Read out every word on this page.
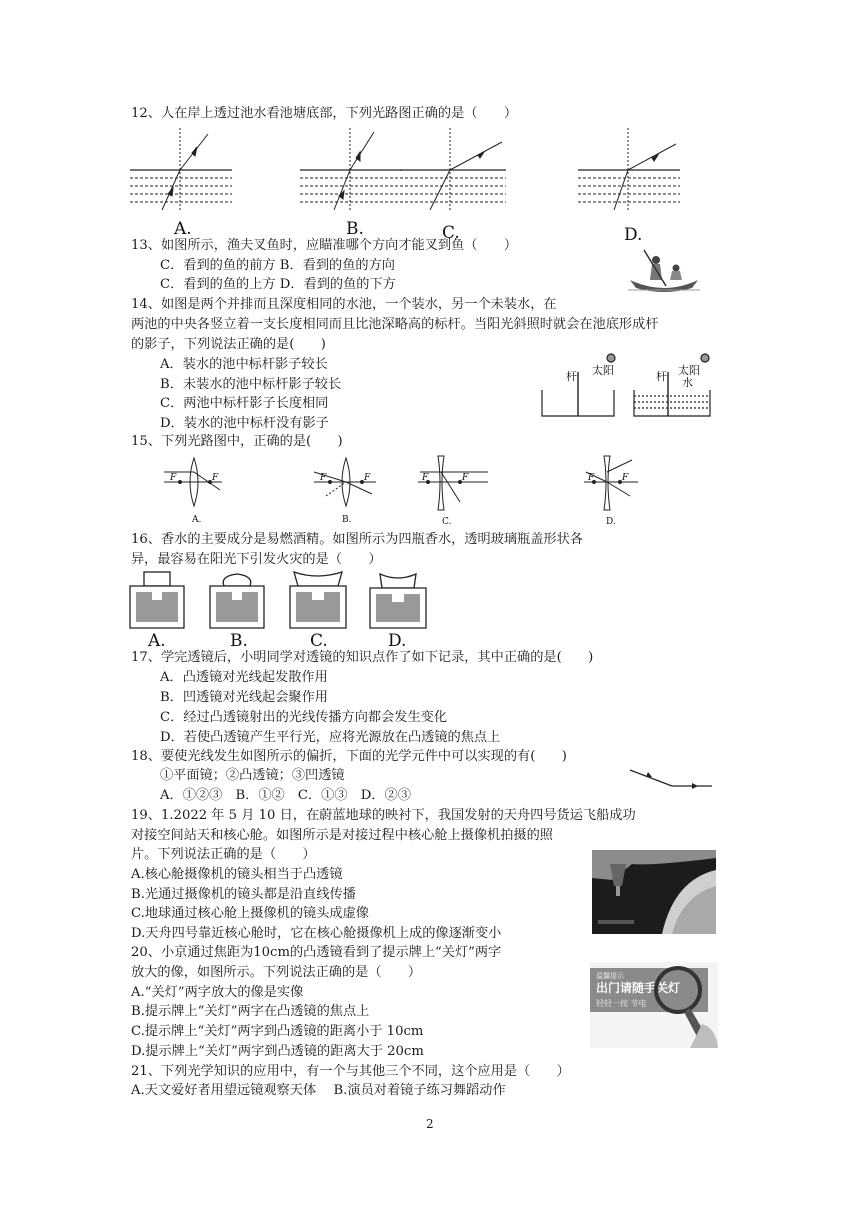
12、人在岸上透过池水看池塘底部，下列光路图正确的是（　　）
A.	B.	C.	D.
13、如图所示，渔夫叉鱼时，应瞄准哪个方向才能叉到鱼（　　）
C．看到的鱼的前方 B．看到的鱼的方向
C．看到的鱼的上方 D．看到的鱼的下方
14、如图是两个并排而且深度相同的水池，一个装水，另一个未装水，在
两池的中央各竖立着一支长度相同而且比池深略高的标杆。当阳光斜照时就会在池底形成杆
的影子，下列说法正确的是(　　)
A．装水的池中标杆影子较长
B．未装水的池中标杆影子较长
C．两池中标杆影子长度相同
D．装水的池中标杆没有影子
杆 太阳	杆 太阳
水
15、下列光路图中，正确的是(　　)
F	F	F	F	F	F	F	F
A.	B.	C.	D.
16、香水的主要成分是易燃酒精。如图所示为四瓶香水，透明玻璃瓶盖形状各
异，最容易在阳光下引发火灾的是（　　）
A.	B.	C.	D.
17、学完透镜后，小明同学对透镜的知识点作了如下记录，其中正确的是(　　)
A．凸透镜对光线起发散作用
B．凹透镜对光线起会聚作用
C．经过凸透镜射出的光线传播方向都会发生变化
D．若使凸透镜产生平行光，应将光源放在凸透镜的焦点上
18、要使光线发生如图所示的偏折，下面的光学元件中可以实现的有(　　)
①平面镜；②凸透镜；③凹透镜
A．①②③　B．①②　C．①③　D．②③
19、1.2022 年 5 月 10 日，在蔚蓝地球的映衬下，我国发射的天舟四号货运飞船成功
对接空间站天和核心舱。如图所示是对接过程中核心舱上摄像机拍摄的照
片。下列说法正确的是（　　）
A.核心舱摄像机的镜头相当于凸透镜
B.光通过摄像机的镜头都是沿直线传播
C.地球通过核心舱上摄像机的镜头成虚像
D.天舟四号靠近核心舱时，它在核心舱摄像机上成的像逐渐变小
20、小京通过焦距为10cm的凸透镜看到了提示牌上“关灯”两字
放大的像，如图所示。下列说法正确的是（　　）
A.“关灯”两字放大的像是实像
B.提示牌上“关灯”两字在凸透镜的焦点上
C.提示牌上“关灯”两字到凸透镜的距离小于 10cm
D.提示牌上“关灯”两字到凸透镜的距离大于 20cm
温馨提示
出门请随手关灯
轻轻一按 节电
21、下列光学知识的应用中，有一个与其他三个不同，这个应用是（　　）
A.天文爱好者用望远镜观察天体　 B.演员对着镜子练习舞蹈动作
2
